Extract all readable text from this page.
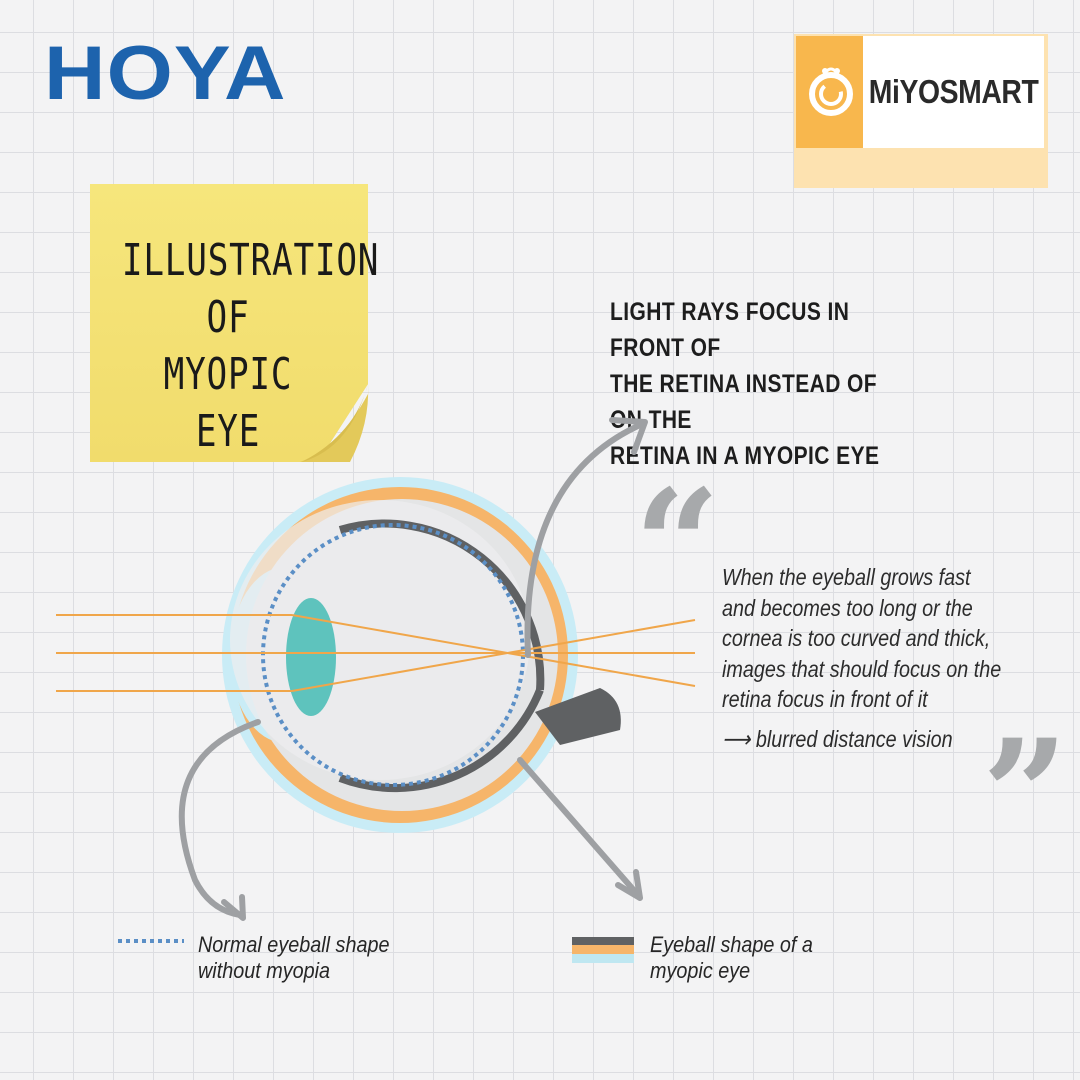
HOYA	MiYOSMART
ILLUSTRATION
OF
MYOPIC EYE

LIGHT RAYS FOCUS IN FRONT OF
THE RETINA INSTEAD OF ON THE
RETINA IN A MYOPIC EYE

“ When the eyeball grows fast and becomes too long or the cornea is too curved and thick, images that should focus on the retina focus in front of it

⟶ blurred distance vision ”

Normal eyeball shape without myopia

Eyeball shape of a myopic eye
